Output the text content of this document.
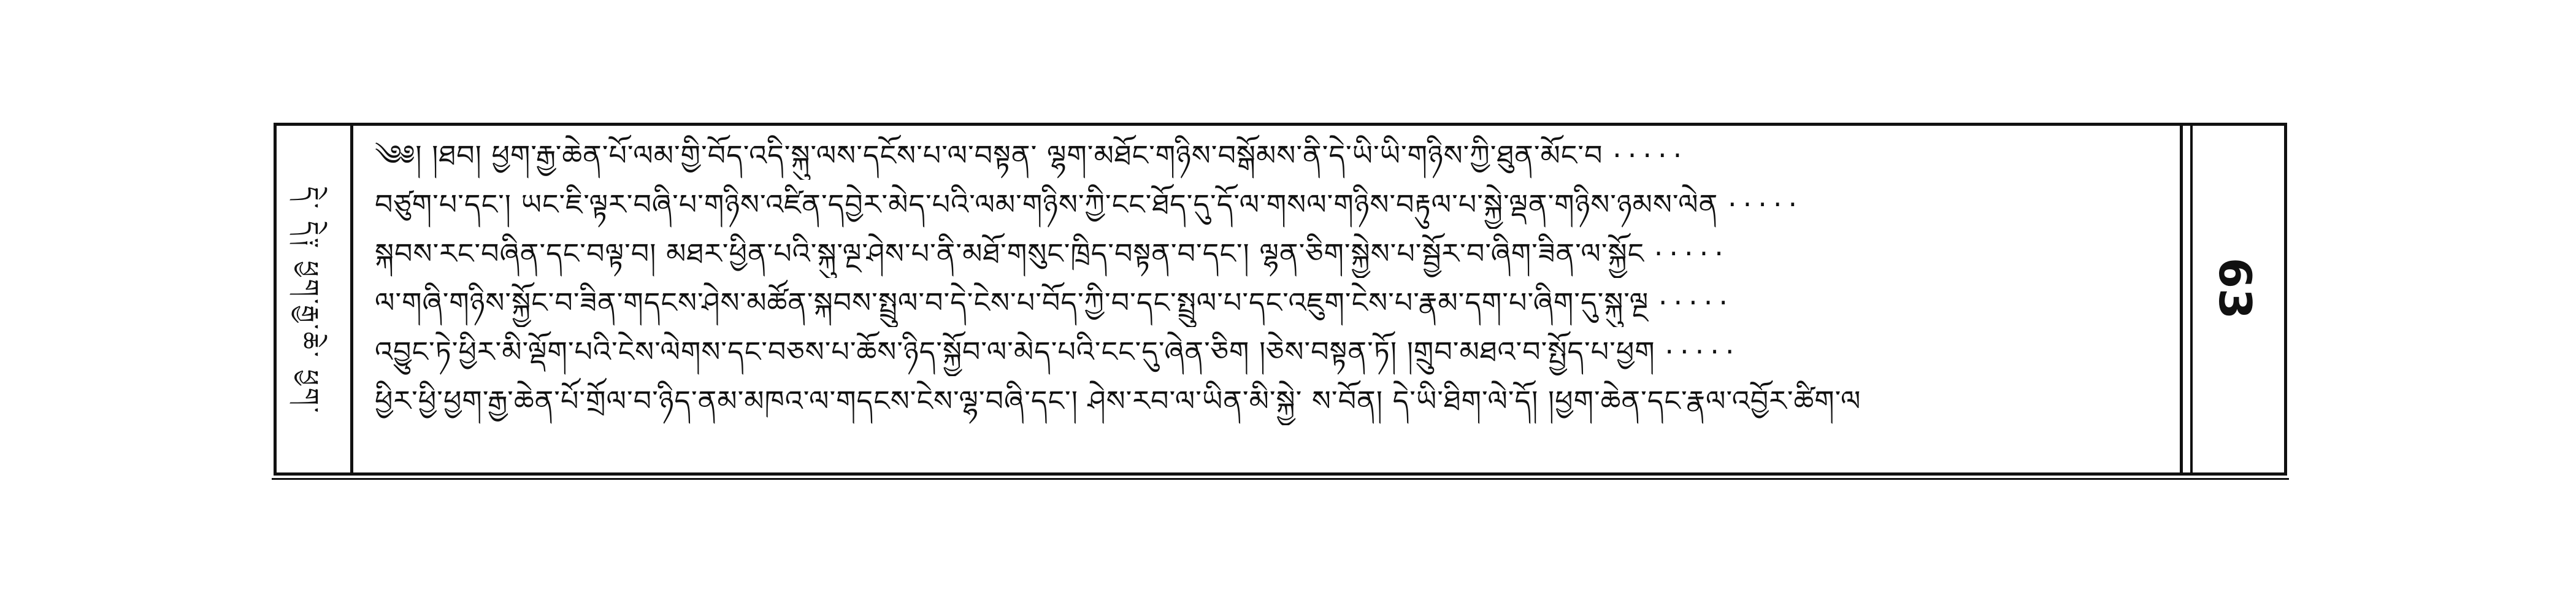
དེ་ དེ༑ ཕྱག་རྒྱ་ཆེ་ ཕྱག་
༄༅། །ཐབ། ཕྱག་རྒྱ་ཆེན་པོ་ལམ་གྱི་བོད་འདི་སྐུ་ལས་དངོས་པ་ལ་བསྟན་ ལྷག་མཐོང་གཉིས་བསྒོམས་ནི་དེ་ཡི་ཡི་གཉིས་ཀྱི་ཐུན་མོང་བ ·····
བཙུག་པ་དང་། ཡང་ཇི་ལྟར་བཞི་པ་གཉིས་འཛིན་དབྱེར་མེད་པའི་ལམ་གཉིས་ཀྱི་ངང་ཐོད་དུ་དོ་ལ་གསལ་གཉིས་བརྟུལ་པ་སྐྱེ་ལྡན་གཉིས་ཉམས་ལེན ·····
སྐབས་རང་བཞིན་དང་བལྟ་བ། མཐར་ཕྱིན་པའི་སྐུ་ལྔ་ཤེས་པ་ནི་མཐོ་གསུང་ཁྲིད་བསྟན་བ་དང་། ལྷན་ཅིག་སྐྱེས་པ་སྦྱོར་བ་ཞིག་ཟིན་ལ་སྐྱོང ·····
ལ་གཞི་གཉིས་སྐྱོང་བ་ཟིན་གདངས་ཤེས་མཚོན་སྐབས་སྤྲུལ་བ་དེ་ངེས་པ་བོད་ཀྱི་བ་དང་སྤྲུལ་པ་དང་འཇུག་ངེས་པ་རྣམ་དག་པ་ཞིག་དུ་སྐུ་ལྔ ·····
འབྱུང་ཏེ་ཕྱིར་མི་ལྡོག་པའི་ངེས་ལེགས་དང་བཅས་པ་ཆོས་ཉིད་སྐྱོབ་ལ་མེད་པའི་ངང་དུ་ཞེན་ཅིག །ཅེས་བསྟན་ཏོ། །གྲུབ་མཐའ་བ་སྤྱོད་པ་ཕྱག ·····
ཕྱིར་ཕྱི་ཕྱག་རྒྱ་ཆེན་པོ་གྲོལ་བ་ཉིད་ནམ་མཁའ་ལ་གདངས་ངེས་ལྷ་བཞི་དང་། ཤེས་རབ་ལ་ཡིན་མི་སྐྱེ་ ས་བོན། དེ་ཡི་ཐིག་ལེ་དོ། །ཕྱག་ཆེན་དང་རྣལ་འབྱོར་ཚིག་ལ
63
